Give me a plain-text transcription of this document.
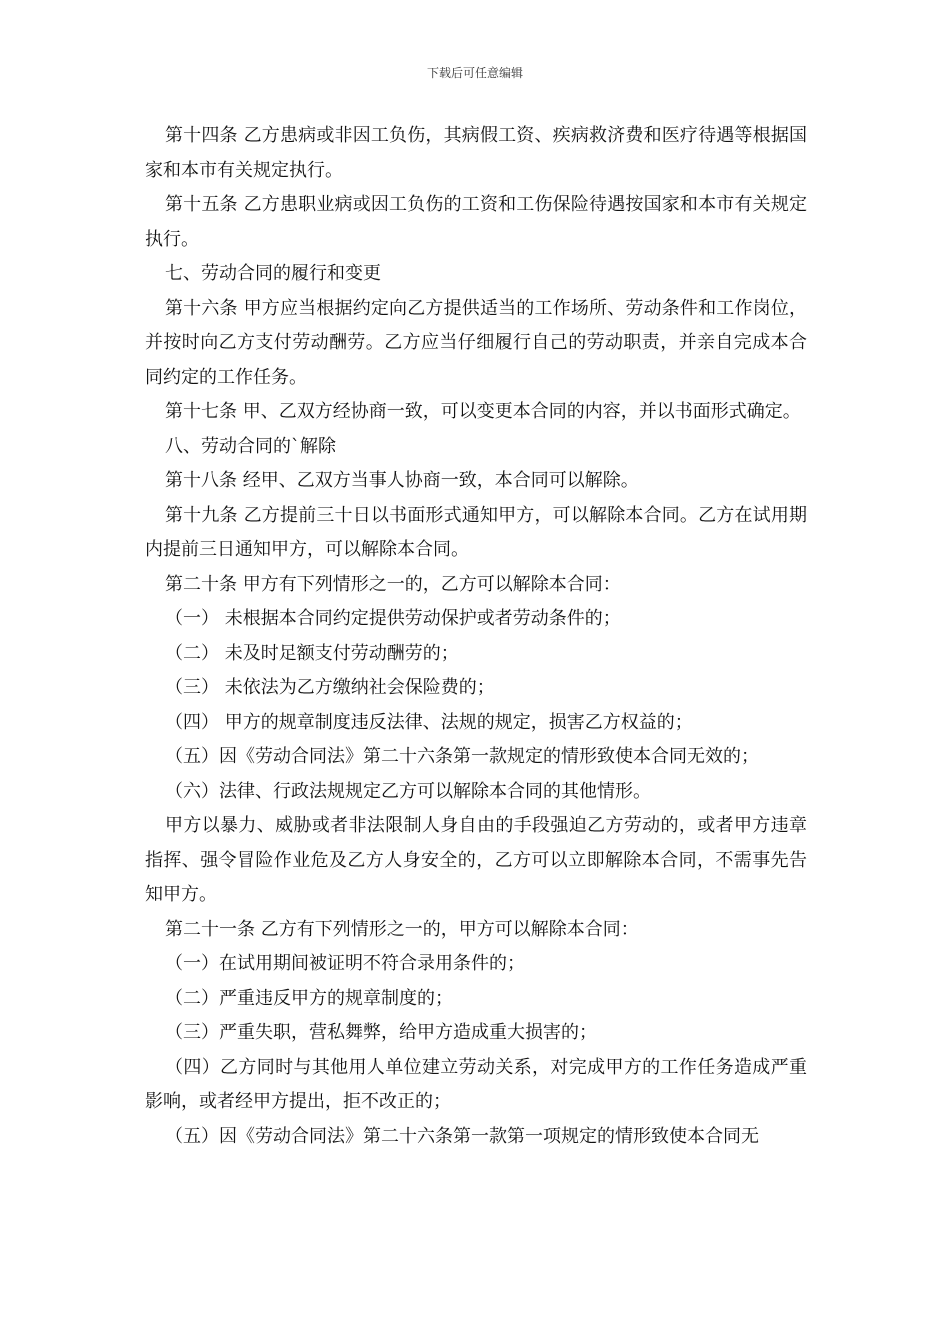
下载后可任意编辑

第十四条 乙方患病或非因工负伤，其病假工资、疾病救济费和医疗待遇等根据国家和本市有关规定执行。

第十五条 乙方患职业病或因工负伤的工资和工伤保险待遇按国家和本市有关规定执行。

七、劳动合同的履行和变更

第十六条 甲方应当根据约定向乙方提供适当的工作场所、劳动条件和工作岗位，并按时向乙方支付劳动酬劳。乙方应当仔细履行自己的劳动职责，并亲自完成本合同约定的工作任务。

第十七条 甲、乙双方经协商一致，可以变更本合同的内容，并以书面形式确定。

八、劳动合同的`解除

第十八条 经甲、乙双方当事人协商一致，本合同可以解除。

第十九条 乙方提前三十日以书面形式通知甲方，可以解除本合同。乙方在试用期内提前三日通知甲方，可以解除本合同。

第二十条 甲方有下列情形之一的，乙方可以解除本合同：

（一） 未根据本合同约定提供劳动保护或者劳动条件的；

（二） 未及时足额支付劳动酬劳的；

（三） 未依法为乙方缴纳社会保险费的；

（四） 甲方的规章制度违反法律、法规的规定，损害乙方权益的；

（五）因《劳动合同法》第二十六条第一款规定的情形致使本合同无效的；

（六）法律、行政法规规定乙方可以解除本合同的其他情形。

甲方以暴力、威胁或者非法限制人身自由的手段强迫乙方劳动的，或者甲方违章指挥、强令冒险作业危及乙方人身安全的，乙方可以立即解除本合同，不需事先告知甲方。

第二十一条 乙方有下列情形之一的，甲方可以解除本合同：

（一）在试用期间被证明不符合录用条件的；

（二）严重违反甲方的规章制度的；

（三）严重失职，营私舞弊，给甲方造成重大损害的；

（四）乙方同时与其他用人单位建立劳动关系，对完成甲方的工作任务造成严重影响，或者经甲方提出，拒不改正的；

（五）因《劳动合同法》第二十六条第一款第一项规定的情形致使本合同无
